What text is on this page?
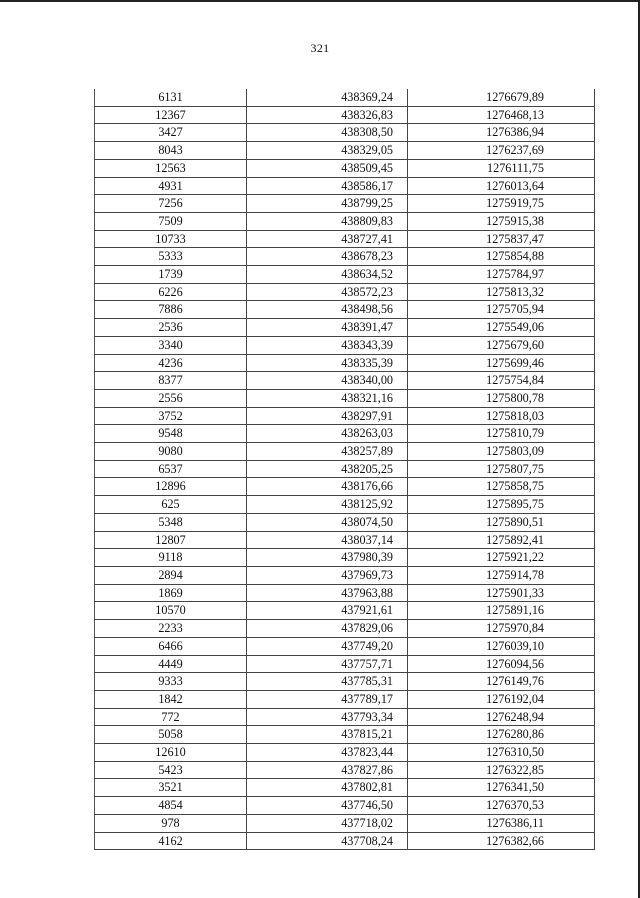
321
6131	438369,24	1276679,89
12367	438326,83	1276468,13
3427	438308,50	1276386,94
8043	438329,05	1276237,69
12563	438509,45	1276111,75
4931	438586,17	1276013,64
7256	438799,25	1275919,75
7509	438809,83	1275915,38
10733	438727,41	1275837,47
5333	438678,23	1275854,88
1739	438634,52	1275784,97
6226	438572,23	1275813,32
7886	438498,56	1275705,94
2536	438391,47	1275549,06
3340	438343,39	1275679,60
4236	438335,39	1275699,46
8377	438340,00	1275754,84
2556	438321,16	1275800,78
3752	438297,91	1275818,03
9548	438263,03	1275810,79
9080	438257,89	1275803,09
6537	438205,25	1275807,75
12896	438176,66	1275858,75
625	438125,92	1275895,75
5348	438074,50	1275890,51
12807	438037,14	1275892,41
9118	437980,39	1275921,22
2894	437969,73	1275914,78
1869	437963,88	1275901,33
10570	437921,61	1275891,16
2233	437829,06	1275970,84
6466	437749,20	1276039,10
4449	437757,71	1276094,56
9333	437785,31	1276149,76
1842	437789,17	1276192,04
772	437793,34	1276248,94
5058	437815,21	1276280,86
12610	437823,44	1276310,50
5423	437827,86	1276322,85
3521	437802,81	1276341,50
4854	437746,50	1276370,53
978	437718,02	1276386,11
4162	437708,24	1276382,66
